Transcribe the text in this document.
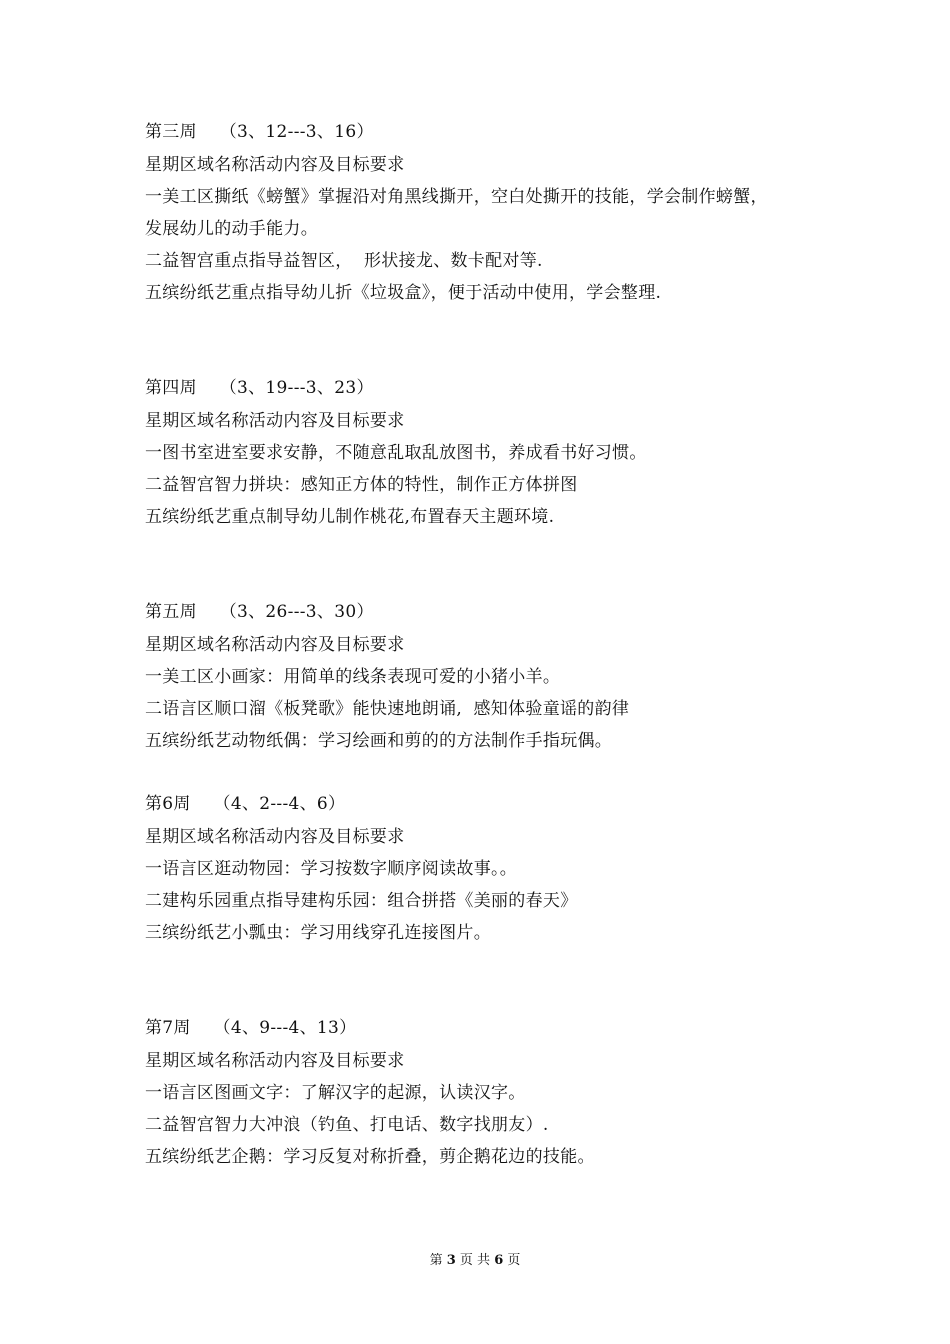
第三周    （3、12---3、16）
星期区域名称活动内容及目标要求
一美工区撕纸《螃蟹》掌握沿对角黑线撕开，空白处撕开的技能，学会制作螃蟹，
发展幼儿的动手能力。
二益智宫重点指导益智区，  形状接龙、数卡配对等.
五缤纷纸艺重点指导幼儿折《垃圾盒》，便于活动中使用，学会整理.
第四周    （3、19---3、23）
星期区域名称活动内容及目标要求
一图书室进室要求安静，不随意乱取乱放图书，养成看书好习惯。
二益智宫智力拼块：感知正方体的特性，制作正方体拼图
五缤纷纸艺重点制导幼儿制作桃花,布置春天主题环境.
第五周    （3、26---3、30）
星期区域名称活动内容及目标要求
一美工区小画家：用简单的线条表现可爱的小猪小羊。
二语言区顺口溜《板凳歌》能快速地朗诵,  感知体验童谣的韵律
五缤纷纸艺动物纸偶：学习绘画和剪的的方法制作手指玩偶。
第6周    （4、2---4、6）
星期区域名称活动内容及目标要求
一语言区逛动物园：学习按数字顺序阅读故事。。
二建构乐园重点指导建构乐园：组合拼搭《美丽的春天》
三缤纷纸艺小瓢虫：学习用线穿孔连接图片。
第7周    （4、9---4、13）
星期区域名称活动内容及目标要求
一语言区图画文字：了解汉字的起源，认读汉字。
二益智宫智力大冲浪（钓鱼、打电话、数字找朋友）.
五缤纷纸艺企鹅：学习反复对称折叠，剪企鹅花边的技能。
第 3 页 共 6 页
